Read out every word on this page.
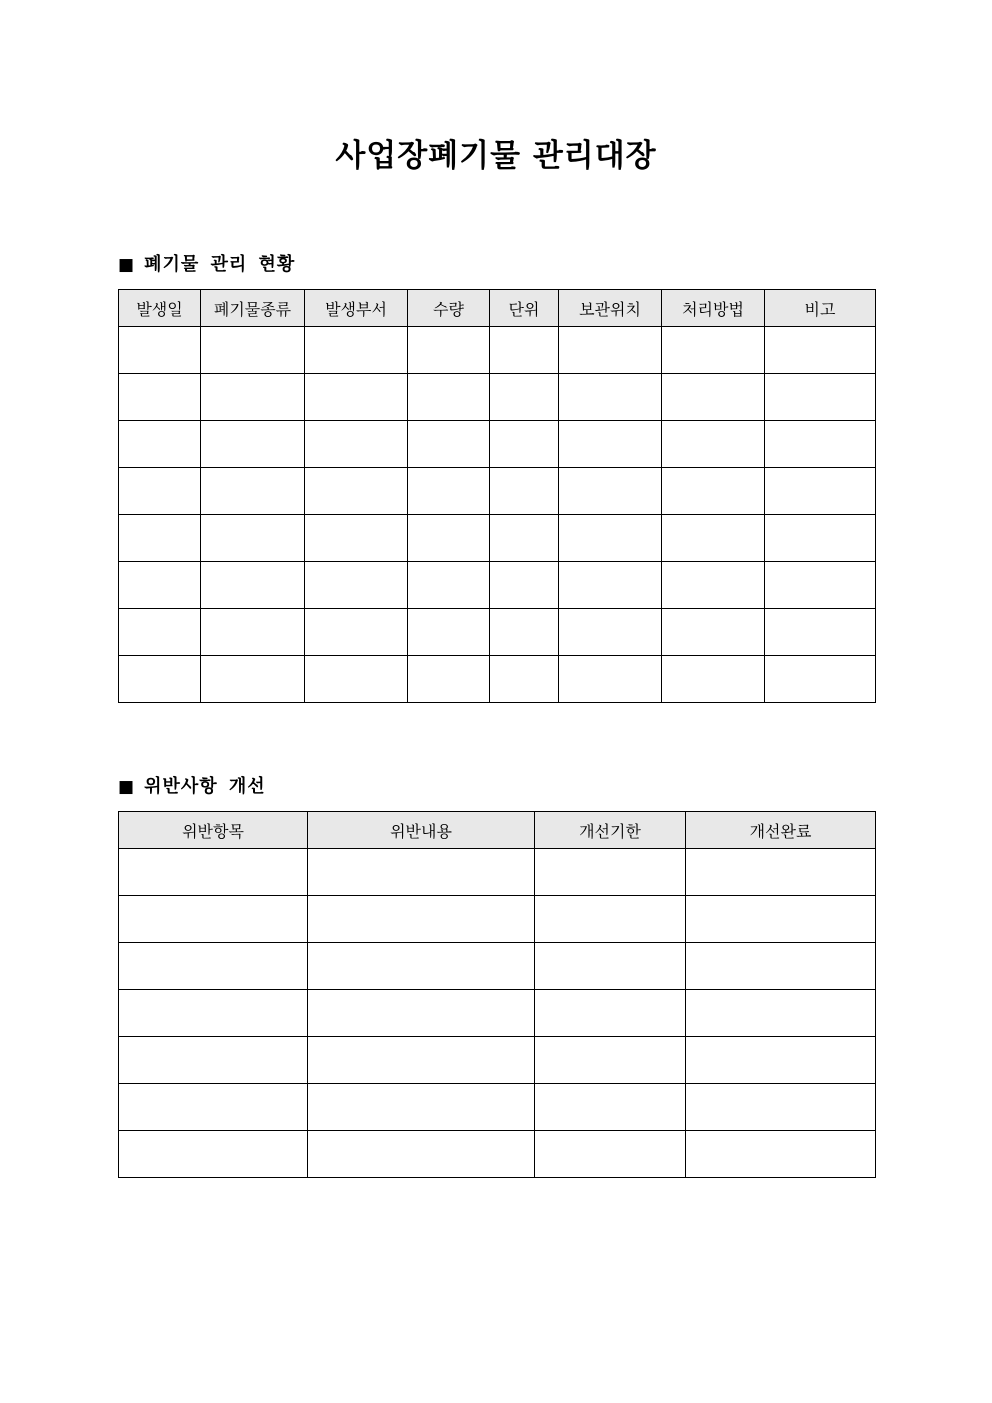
사업장폐기물 관리대장
■ 폐기물 관리 현황
발생일	폐기물종류	발생부서	수량	단위	보관위치	처리방법	비고

■ 위반사항 개선
위반항목	위반내용	개선기한	개선완료
